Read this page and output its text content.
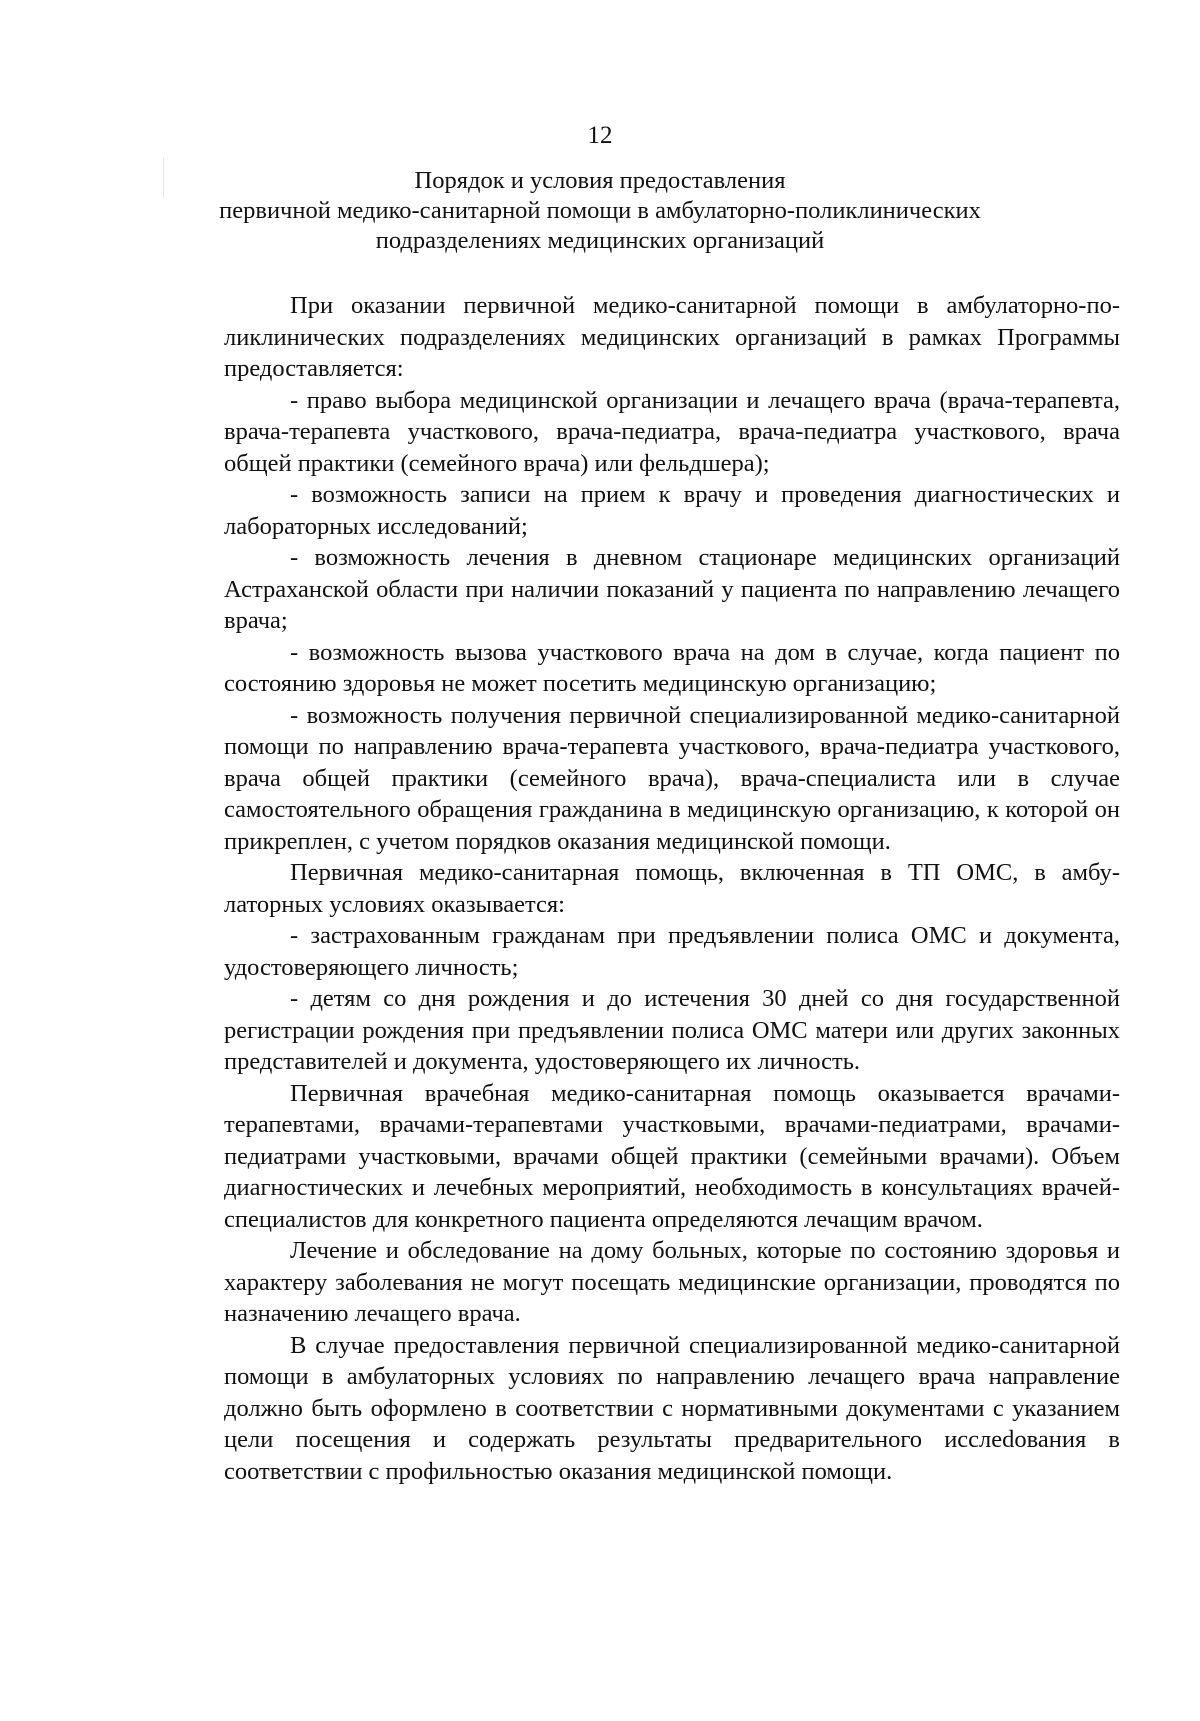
12
Порядок и условия предоставления
первичной медико-санитарной помощи в амбулаторно-поликлинических
подразделениях медицинских организаций

При оказании первичной медико-санитарной помощи в амбулаторно-поликлинических подразделениях медицинских организаций в рамках Программы предоставляется:

- право выбора медицинской организации и лечащего врача (врача-терапевта, врача-терапевта участкового, врача-педиатра, врача-педиатра участкового, врача общей практики (семейного врача) или фельдшера);

- возможность записи на прием к врачу и проведения диагностических и лабораторных исследований;

- возможность лечения в дневном стационаре медицинских организаций Астраханской области при наличии показаний у пациента по направлению лечащего врача;

- возможность вызова участкового врача на дом в случае, когда пациент по состоянию здоровья не может посетить медицинскую организацию;

- возможность получения первичной специализированной медико-санитарной помощи по направлению врача-терапевта участкового, врача-педиатра участкового, врача общей практики (семейного врача), врача-специалиста или в случае самостоятельного обращения гражданина в медицинскую организацию, к которой он прикреплен, с учетом порядков оказания медицинской помощи.

Первичная медико-санитарная помощь, включенная в ТП ОМС, в амбулаторных условиях оказывается:

- застрахованным гражданам при предъявлении полиса ОМС и документа, удостоверяющего личность;

- детям со дня рождения и до истечения 30 дней со дня государственной регистрации рождения при предъявлении полиса ОМС матери или других законных представителей и документа, удостоверяющего их личность.

Первичная врачебная медико-санитарная помощь оказывается врачами-терапевтами, врачами-терапевтами участковыми, врачами-педиатрами, врачами-педиатрами участковыми, врачами общей практики (семейными врачами). Объем диагностических и лечебных мероприятий, необходимость в консультациях врачей-специалистов для конкретного пациента определяются лечащим врачом.

Лечение и обследование на дому больных, которые по состоянию здоровья и характеру заболевания не могут посещать медицинские организации, проводятся по назначению лечащего врача.

В случае предоставления первичной специализированной медико-санитарной помощи в амбулаторных условиях по направлению лечащего врача направление должно быть оформлено в соответствии с нормативными документами с указанием цели посещения и содержать результаты предварительного исслеdования в соответствии с профильностью оказания медицинской помощи.
